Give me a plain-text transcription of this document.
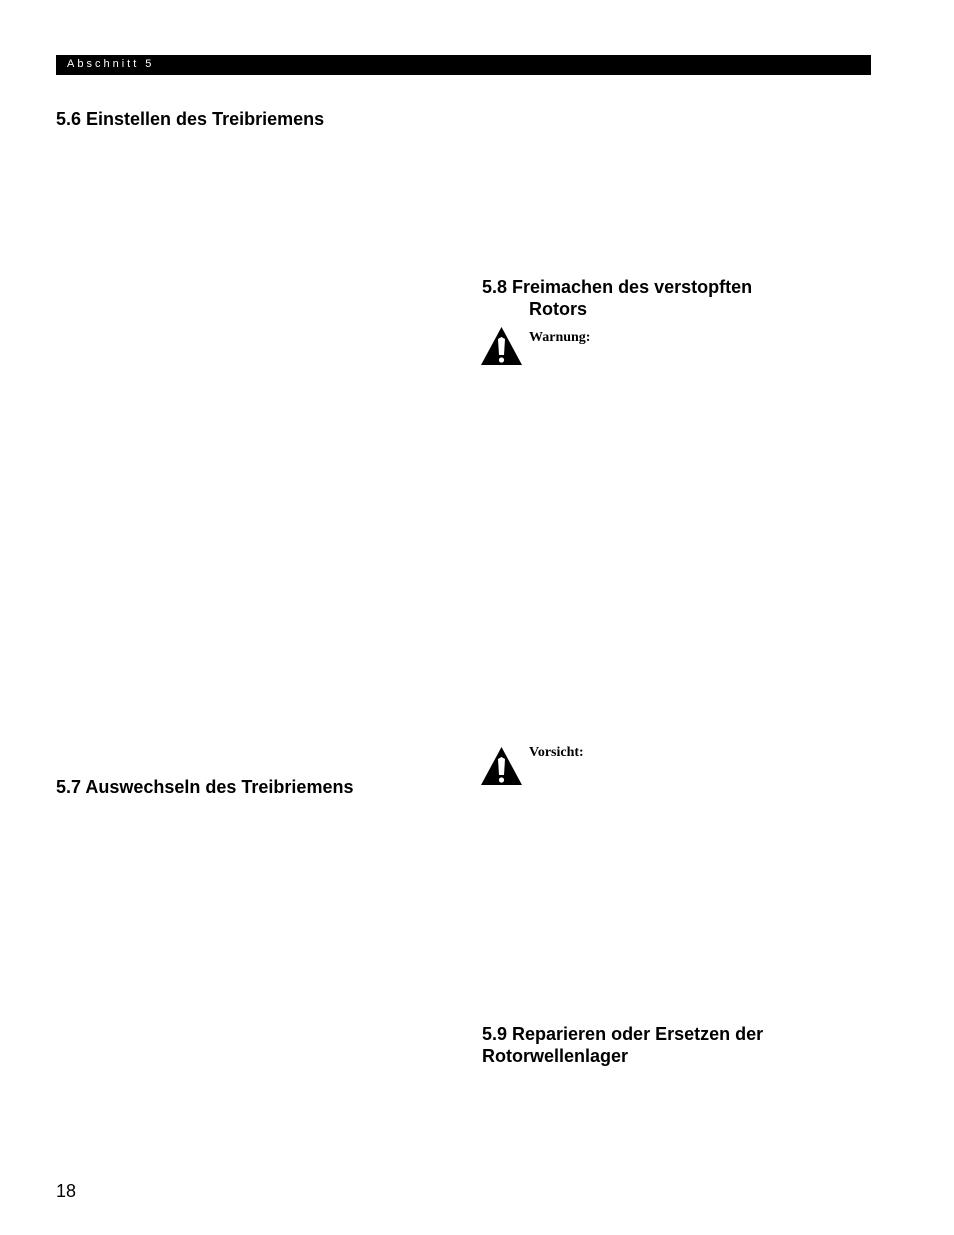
Abschnitt 5
5.6 Einstellen des Treibriemens
5.8 Freimachen des verstopften
Rotors
Warnung:
Vorsicht:
5.7 Auswechseln des Treibriemens
5.9 Reparieren oder Ersetzen der
Rotorwellenlager
18
